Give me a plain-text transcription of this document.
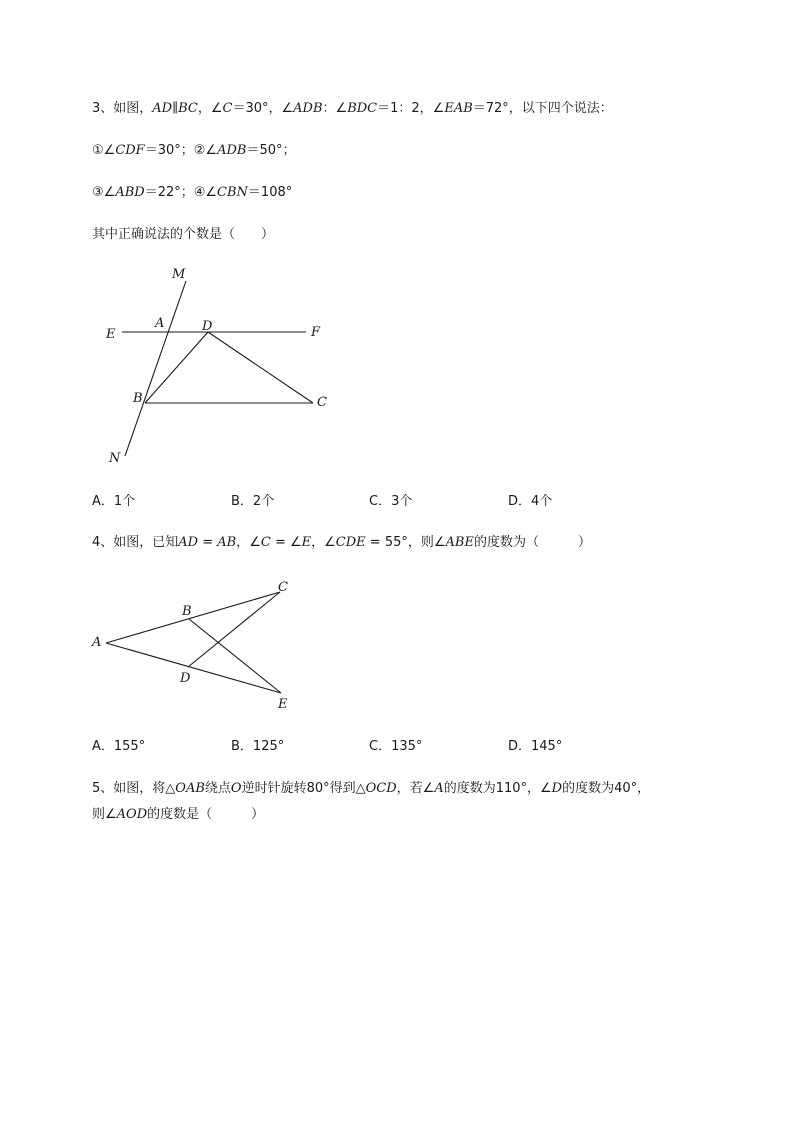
3、如图，AD∥BC，∠C＝30°，∠ADB：∠BDC＝1：2，∠EAB＝72°，以下四个说法：
①∠CDF＝30°；②∠ADB＝50°；
③∠ABD＝22°；④∠CBN＝108°
其中正确说法的个数是（　　）
M
A	D
E	F
B	C
N
A．1个	B．2个	C．3个	D．4个
4、如图，已知AD = AB，∠C = ∠E，∠CDE = 55°，则∠ABE的度数为（　　　）
C
B
A
D
E
A．155°	B．125°	C．135°	D．145°
5、如图，将△OAB绕点O逆时针旋转80°得到△OCD，若∠A的度数为110°，∠D的度数为40°，
则∠AOD的度数是（　　　）
